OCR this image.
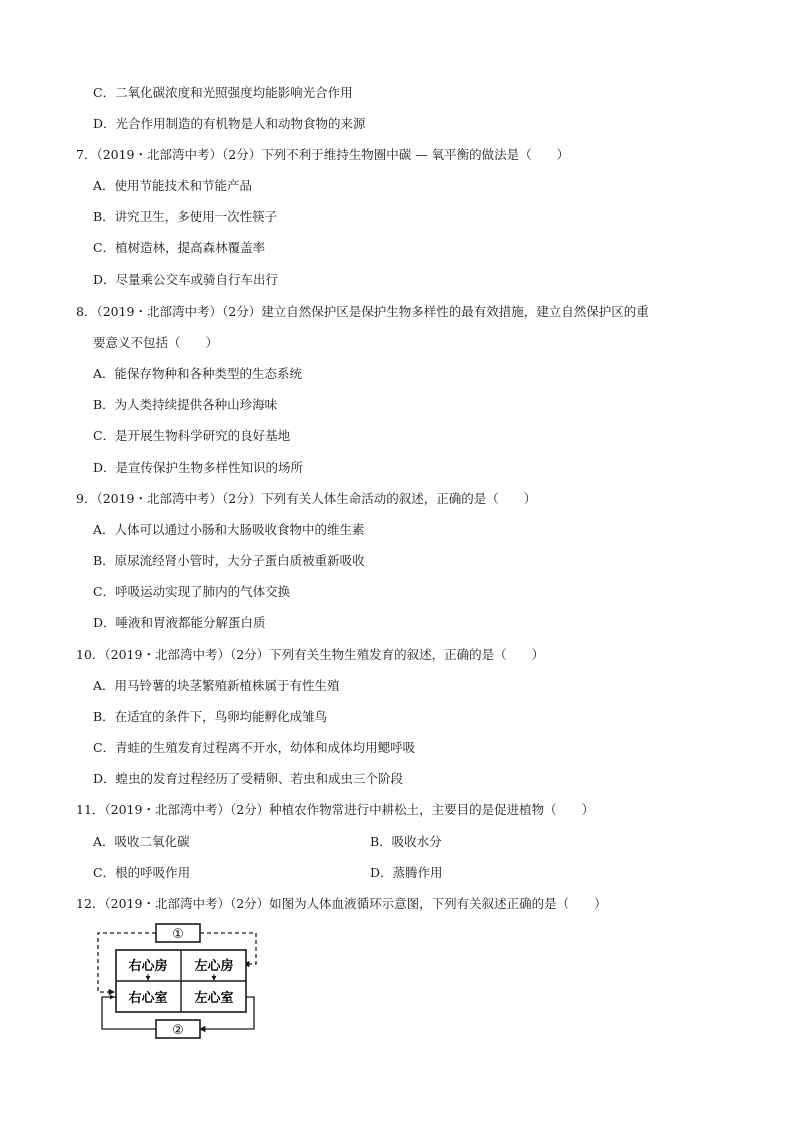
C．二氧化碳浓度和光照强度均能影响光合作用
D．光合作用制造的有机物是人和动物食物的来源
7．（2019・北部湾中考）（2分）下列不利于维持生物圈中碳 — 氧平衡的做法是（　　）
A．使用节能技术和节能产品
B．讲究卫生，多使用一次性筷子
C．植树造林，提高森林覆盖率
D．尽量乘公交车或骑自行车出行
8．（2019・北部湾中考）（2分）建立自然保护区是保护生物多样性的最有效措施，建立自然保护区的重
要意义不包括（　　）
A．能保存物种和各种类型的生态系统
B．为人类持续提供各种山珍海味
C．是开展生物科学研究的良好基地
D．是宣传保护生物多样性知识的场所
9．（2019・北部湾中考）（2分）下列有关人体生命活动的叙述，正确的是（　　）
A．人体可以通过小肠和大肠吸收食物中的维生素
B．原尿流经肾小管时，大分子蛋白质被重新吸收
C．呼吸运动实现了肺内的气体交换
D．唾液和胃液都能分解蛋白质
10．（2019・北部湾中考）（2分）下列有关生物生殖发育的叙述，正确的是（　　）
A．用马铃薯的块茎繁殖新植株属于有性生殖
B．在适宜的条件下，鸟卵均能孵化成雏鸟
C．青蛙的生殖发育过程离不开水，幼体和成体均用鳃呼吸
D．蝗虫的发育过程经历了受精卵、若虫和成虫三个阶段
11．（2019・北部湾中考）（2分）种植农作物常进行中耕松土，主要目的是促进植物（　　）
A．吸收二氧化碳	B．吸收水分
C．根的呼吸作用	D．蒸腾作用
12．（2019・北部湾中考）（2分）如图为人体血液循环示意图，下列有关叙述正确的是（　　）
①
右心房 左心房
右心室 左心室
②
